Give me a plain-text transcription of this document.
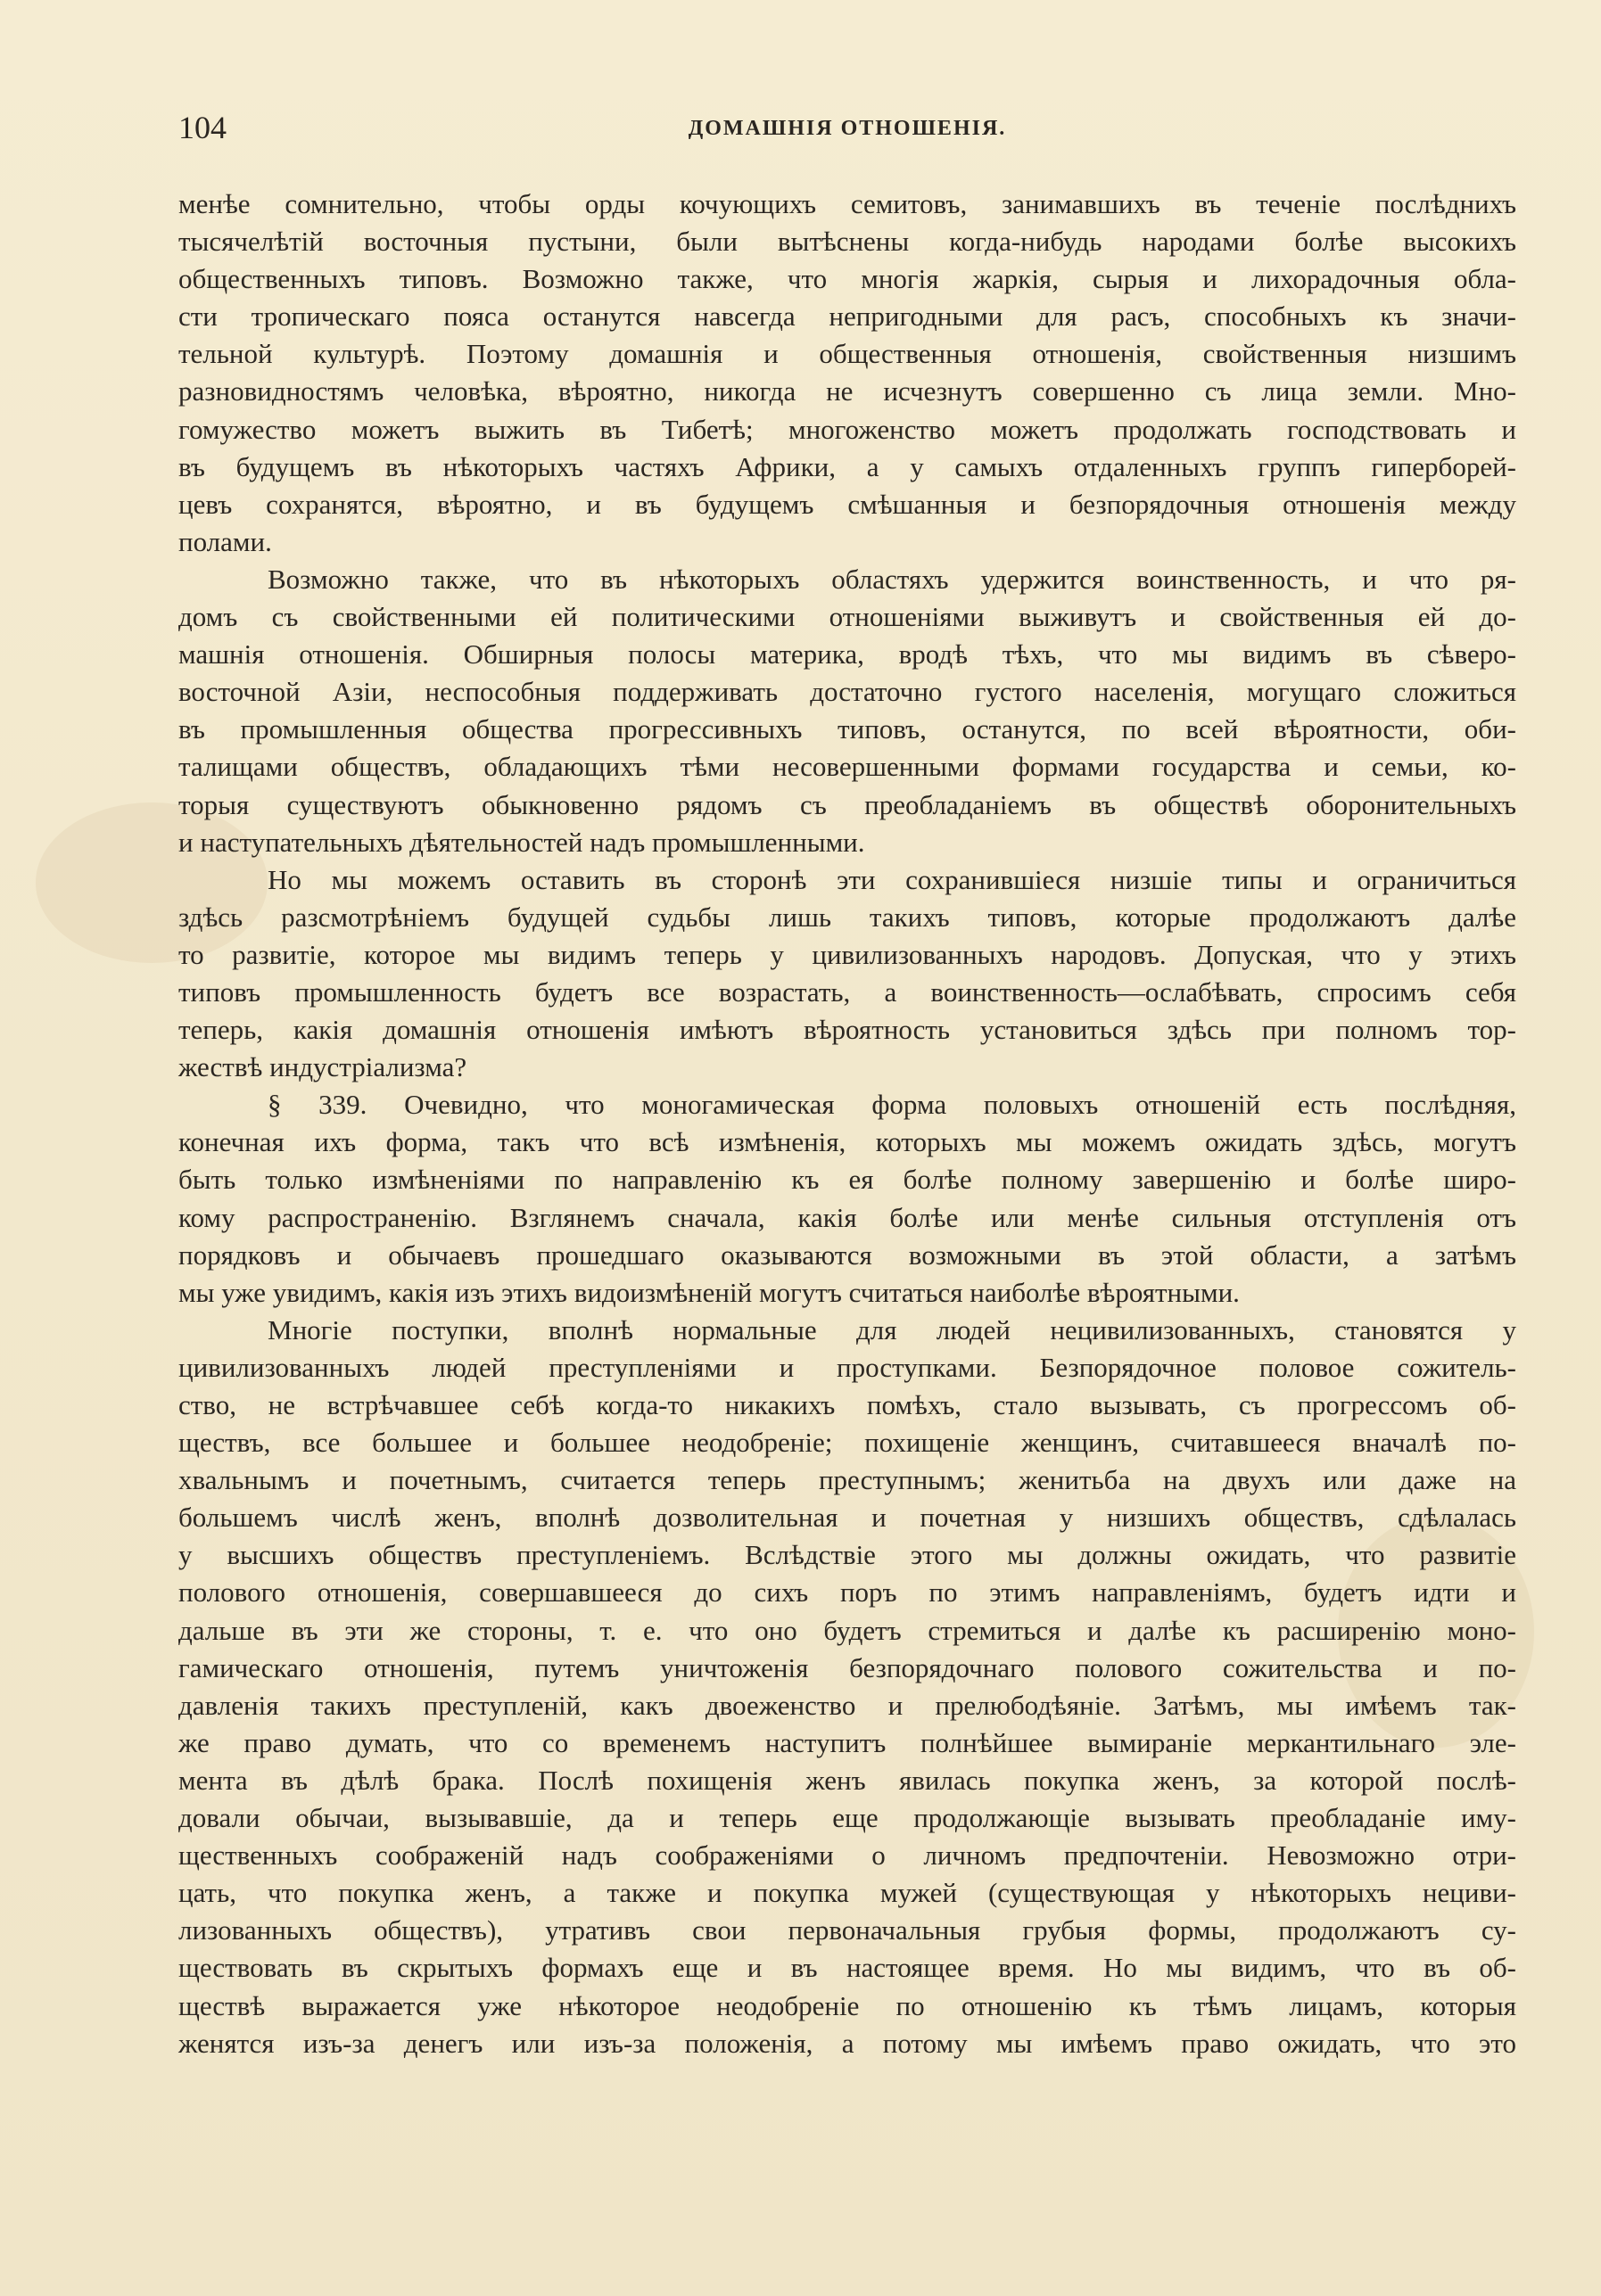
104	ДОМАШНІЯ ОТНОШЕНІЯ.
менѣе сомнительно, чтобы орды кочующихъ семитовъ, занимавшихъ въ теченіе послѣднихъ
тысячелѣтій восточныя пустыни, были вытѣснены когда-нибудь народами болѣе высокихъ
общественныхъ типовъ. Возможно также, что многія жаркія, сырыя и лихорадочныя обла-
сти тропическаго пояса останутся навсегда непригодными для расъ, способныхъ къ значи-
тельной культурѣ. Поэтому домашнія и общественныя отношенія, свойственныя низшимъ
разновидностямъ человѣка, вѣроятно, никогда не исчезнутъ совершенно съ лица земли. Мно-
гомужество можетъ выжить въ Тибетѣ; многоженство можетъ продолжать господствовать и
въ будущемъ въ нѣкоторыхъ частяхъ Африки, а у самыхъ отдаленныхъ группъ гиперборей-
цевъ сохранятся, вѣроятно, и въ будущемъ смѣшанныя и безпорядочныя отношенія между
полами.
Возможно также, что въ нѣкоторыхъ областяхъ удержится воинственность, и что ря-
домъ съ свойственными ей политическими отношеніями выживутъ и свойственныя ей до-
машнія отношенія. Обширныя полосы материка, вродѣ тѣхъ, что мы видимъ въ сѣверо-
восточной Азіи, неспособныя поддерживать достаточно густого населенія, могущаго сложиться
въ промышленныя общества прогрессивныхъ типовъ, останутся, по всей вѣроятности, оби-
талищами обществъ, обладающихъ тѣми несовершенными формами государства и семьи, ко-
торыя существуютъ обыкновенно рядомъ съ преобладаніемъ въ обществѣ оборонительныхъ
и наступательныхъ дѣятельностей надъ промышленными.
Но мы можемъ оставить въ сторонѣ эти сохранившіеся низшіе типы и ограничиться
здѣсь разсмотрѣніемъ будущей судьбы лишь такихъ типовъ, которые продолжаютъ далѣе
то развитіе, которое мы видимъ теперь у цивилизованныхъ народовъ. Допуская, что у этихъ
типовъ промышленность будетъ все возрастать, а воинственность—ослабѣвать, спросимъ себя
теперь, какія домашнія отношенія имѣютъ вѣроятность установиться здѣсь при полномъ тор-
жествѣ индустріализма?
§ 339. Очевидно, что моногамическая форма половыхъ отношеній есть послѣдняя,
конечная ихъ форма, такъ что всѣ измѣненія, которыхъ мы можемъ ожидать здѣсь, могутъ
быть только измѣненіями по направленію къ ея болѣе полному завершенію и болѣе широ-
кому распространенію. Взглянемъ сначала, какія болѣе или менѣе сильныя отступленія отъ
порядковъ и обычаевъ прошедшаго оказываются возможными въ этой области, а затѣмъ
мы уже увидимъ, какія изъ этихъ видоизмѣненій могутъ считаться наиболѣе вѣроятными.
Многіе поступки, вполнѣ нормальные для людей нецивилизованныхъ, становятся у
цивилизованныхъ людей преступленіями и проступками. Безпорядочное половое сожитель-
ство, не встрѣчавшее себѣ когда-то никакихъ помѣхъ, стало вызывать, съ прогрессомъ об-
ществъ, все большее и большее неодобреніе; похищеніе женщинъ, считавшееся вначалѣ по-
хвальнымъ и почетнымъ, считается теперь преступнымъ; женитьба на двухъ или даже на
большемъ числѣ женъ, вполнѣ дозволительная и почетная у низшихъ обществъ, сдѣлалась
у высшихъ обществъ преступленіемъ. Вслѣдствіе этого мы должны ожидать, что развитіе
полового отношенія, совершавшееся до сихъ поръ по этимъ направленіямъ, будетъ идти и
дальше въ эти же стороны, т. е. что оно будетъ стремиться и далѣе къ расширенію моно-
гамическаго отношенія, путемъ уничтоженія безпорядочнаго полового сожительства и по-
давленія такихъ преступленій, какъ двоеженство и прелюбодѣяніе. Затѣмъ, мы имѣемъ так-
же право думать, что со временемъ наступитъ полнѣйшее вымираніе меркантильнаго эле-
мента въ дѣлѣ брака. Послѣ похищенія женъ явилась покупка женъ, за которой послѣ-
довали обычаи, вызывавшіе, да и теперь еще продолжающіе вызывать преобладаніе иму-
щественныхъ соображеній надъ соображеніями о личномъ предпочтеніи. Невозможно отри-
цать, что покупка женъ, а также и покупка мужей (существующая у нѣкоторыхъ нециви-
лизованныхъ обществъ), утративъ свои первоначальныя грубыя формы, продолжаютъ су-
ществовать въ скрытыхъ формахъ еще и въ настоящее время. Но мы видимъ, что въ об-
ществѣ выражается уже нѣкоторое неодобреніе по отношенію къ тѣмъ лицамъ, которыя
женятся изъ-за денегъ или изъ-за положенія, а потому мы имѣемъ право ожидать, что это
